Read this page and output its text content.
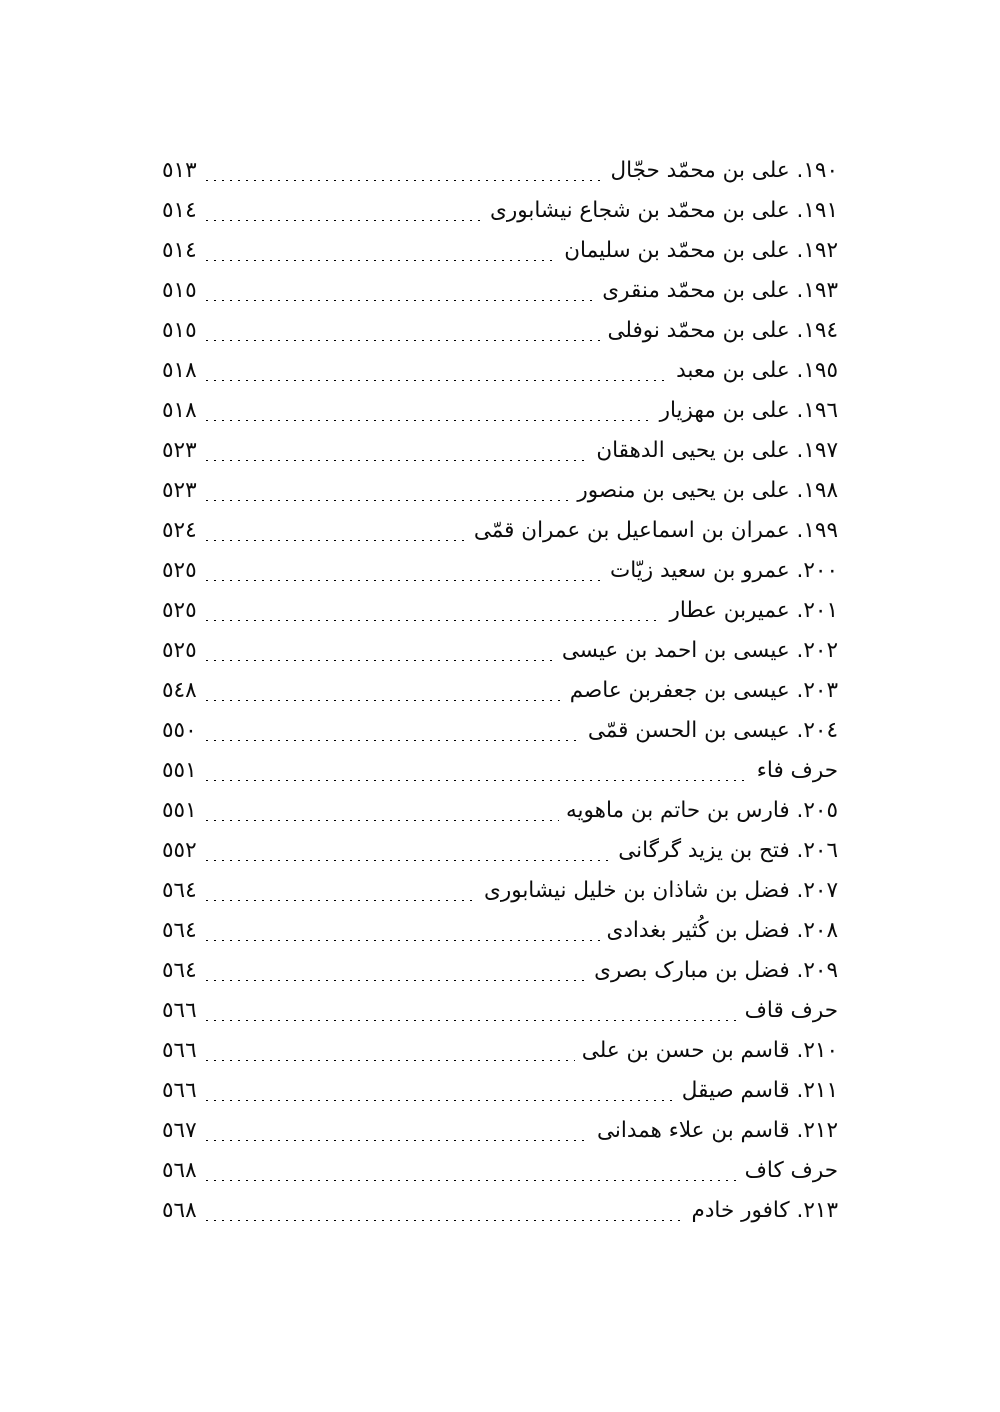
١٩٠. علی بن محمّد حجّال
٥١٣
١٩١. علی بن محمّد بن شجاع نیشابوری
٥١٤
١٩٢. علی بن محمّد بن سلیمان
٥١٤
١٩٣. علی بن محمّد منقری
٥١٥
١٩٤. علی بن محمّد نوفلی
٥١٥
١٩٥. علی بن معبد
٥١٨
١٩٦. علی بن مهزیار
٥١٨
١٩٧. علی بن یحیی الدهقان
٥٢٣
١٩٨. علی بن یحیی بن منصور
٥٢٣
١٩٩. عمران بن اسماعیل بن عمران قمّی
٥٢٤
٢٠٠. عمرو بن سعید زیّات
٥٢٥
٢٠١. عمیربن عطار
٥٢٥
٢٠٢. عیسی بن احمد بن عیسی
٥٢٥
٢٠٣. عیسی بن جعفربن عاصم
٥٤٨
٢٠٤. عیسی بن الحسن قمّی
٥٥٠
حرف فاء
٥٥١
٢٠٥. فارس بن حاتم بن ماهویه
٥٥١
٢٠٦. فتح بن یزید گرگانی
٥٥٢
٢٠٧. فضل بن شاذان بن خلیل نیشابوری
٥٦٤
٢٠٨. فضل بن کُثیر بغدادی
٥٦٤
٢٠٩. فضل بن مبارک بصری
٥٦٤
حرف قاف
٥٦٦
٢١٠. قاسم بن حسن بن علی
٥٦٦
٢١١. قاسم صیقل
٥٦٦
٢١٢. قاسم بن علاء همدانی
٥٦٧
حرف کاف
٥٦٨
٢١٣. کافور خادم
٥٦٨
